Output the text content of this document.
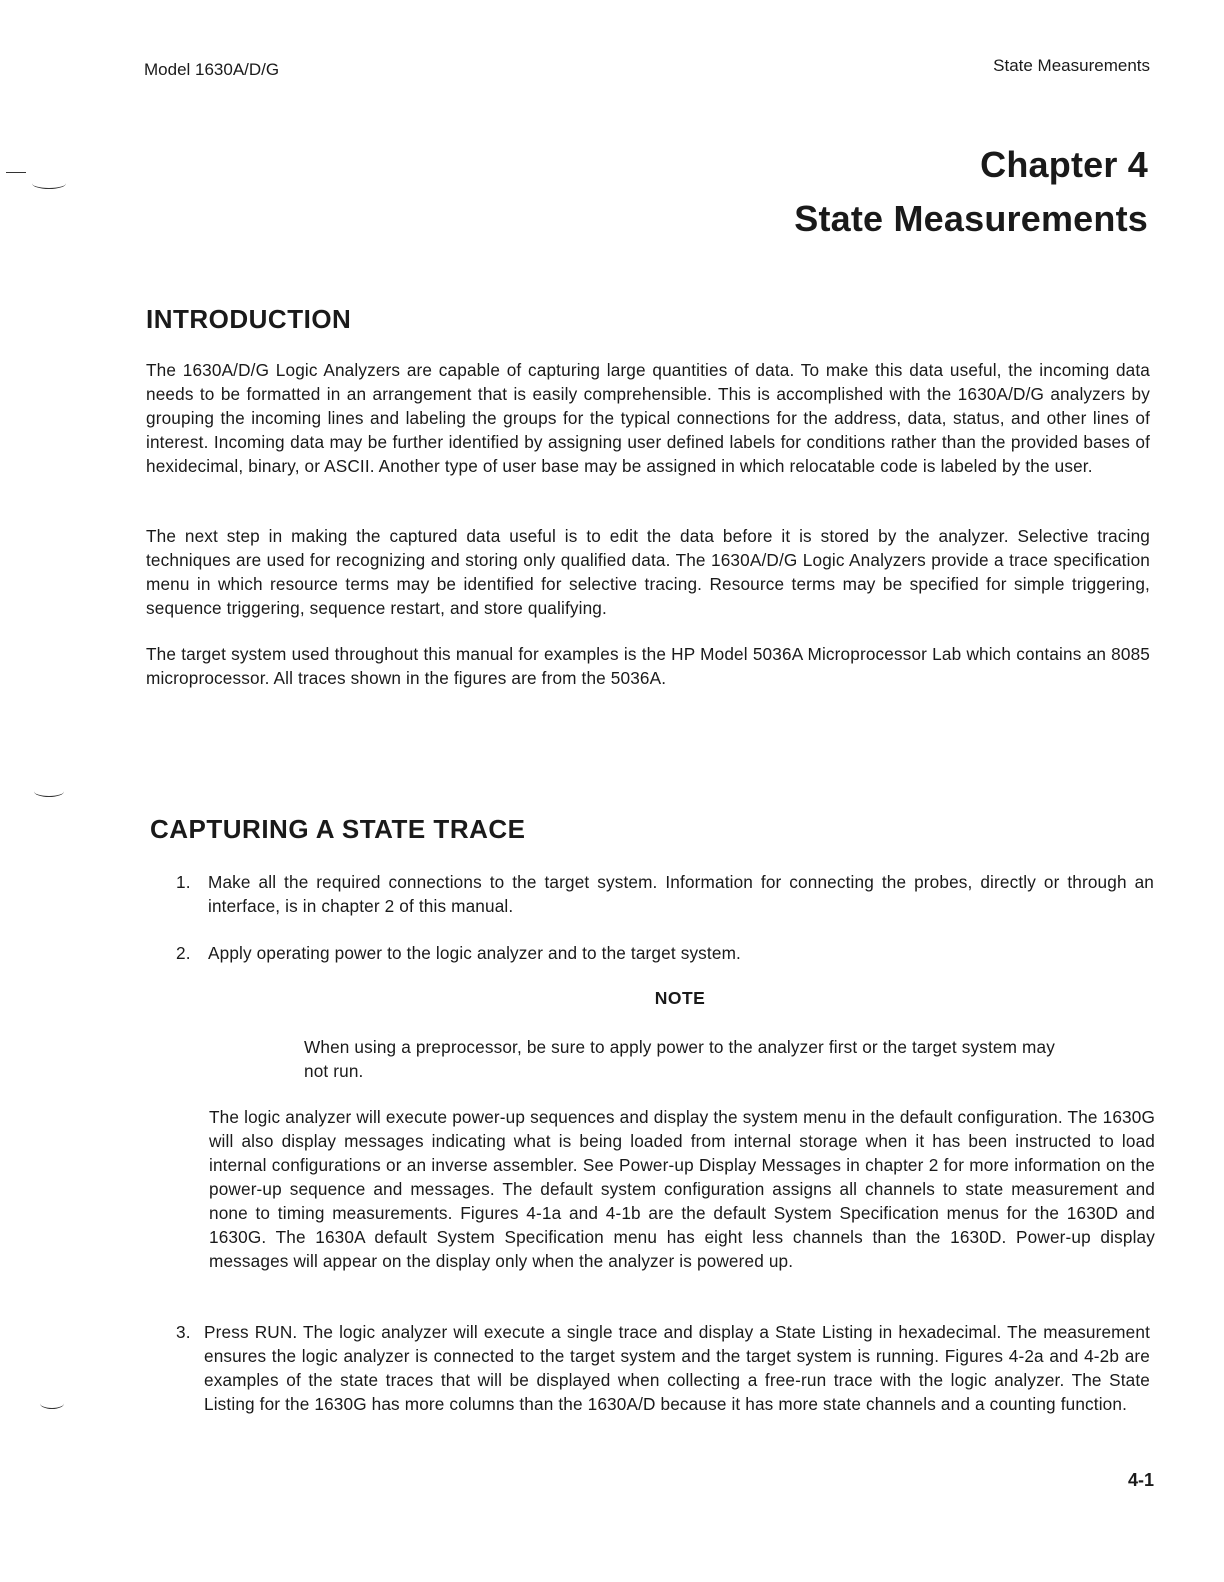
Model 1630A/D/G	State Measurements
Chapter 4
State Measurements
INTRODUCTION

The 1630A/D/G Logic Analyzers are capable of capturing large quantities of data. To make this data useful, the incoming data needs to be formatted in an arrangement that is easily comprehensible. This is accomplished with the 1630A/D/G analyzers by grouping the incoming lines and labeling the groups for the typical connections for the address, data, status, and other lines of interest. Incoming data may be further identified by assigning user defined labels for conditions rather than the provided bases of hexidecimal, binary, or ASCII. Another type of user base may be assigned in which relocatable code is labeled by the user.

The next step in making the captured data useful is to edit the data before it is stored by the analyzer. Selective tracing techniques are used for recognizing and storing only qualified data. The 1630A/D/G Logic Analyzers provide a trace specification menu in which resource terms may be identified for selective tracing. Resource terms may be specified for simple triggering, sequence triggering, sequence restart, and store qualifying.

The target system used throughout this manual for examples is the HP Model 5036A Microprocessor Lab which contains an 8085 microprocessor. All traces shown in the figures are from the 5036A.

CAPTURING A STATE TRACE
1.	Make all the required connections to the target system. Information for connecting the probes, directly or through an interface, is in chapter 2 of this manual.
2.	Apply operating power to the logic analyzer and to the target system.
NOTE
When using a preprocessor, be sure to apply power to the analyzer first or the target system may not run.
The logic analyzer will execute power-up sequences and display the system menu in the default configuration. The 1630G will also display messages indicating what is being loaded from internal storage when it has been instructed to load internal configurations or an inverse assembler. See Power-up Display Messages in chapter 2 for more information on the power-up sequence and messages. The default system configuration assigns all channels to state measurement and none to timing measurements. Figures 4-1a and 4-1b are the default System Specification menus for the 1630D and 1630G. The 1630A default System Specification menu has eight less channels than the 1630D. Power-up display messages will appear on the display only when the analyzer is powered up.
3. Press RUN. The logic analyzer will execute a single trace and display a State Listing in hexadecimal. The measurement ensures the logic analyzer is connected to the target system and the target system is running. Figures 4-2a and 4-2b are examples of the state traces that will be displayed when collecting a free-run trace with the logic analyzer. The State Listing for the 1630G has more columns than the 1630A/D because it has more state channels and a counting function.
4-1
